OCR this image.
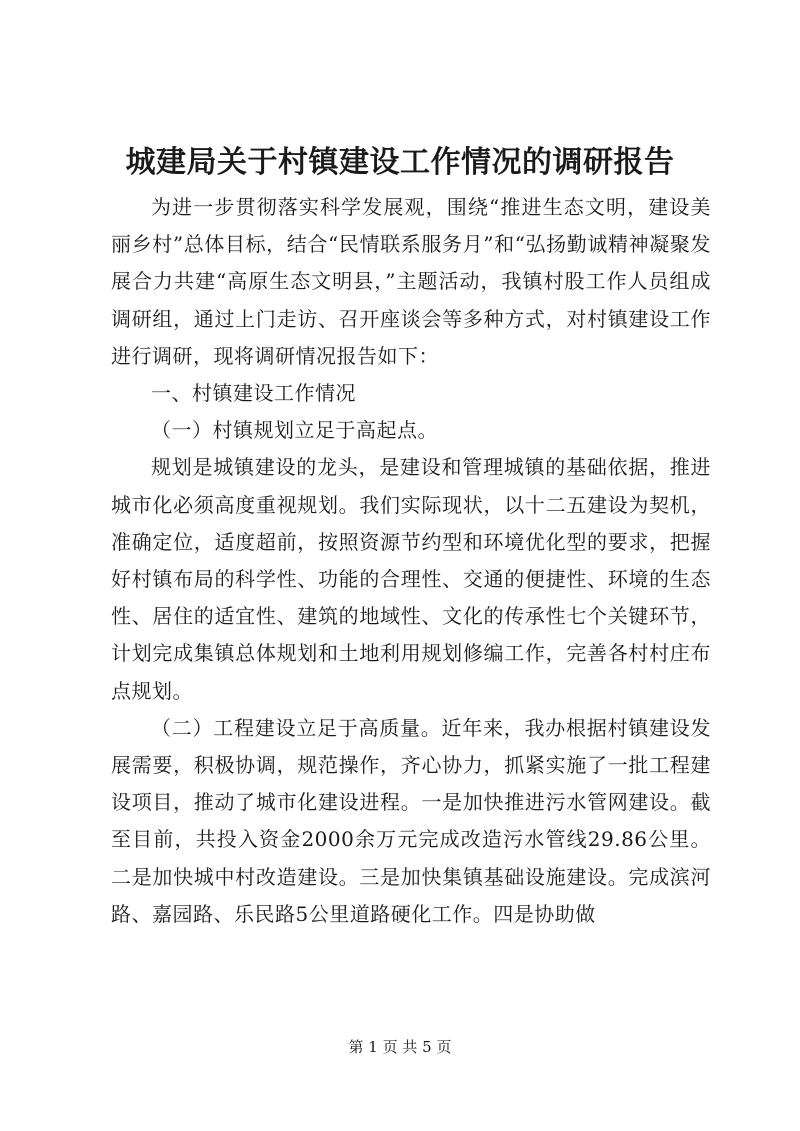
城建局关于村镇建设工作情况的调研报告

为进一步贯彻落实科学发展观，围绕“推进生态文明，建设美丽乡村”总体目标，结合“民情联系服务月”和“弘扬勤诚精神凝聚发展合力共建“高原生态文明县，”主题活动，我镇村股工作人员组成调研组，通过上门走访、召开座谈会等多种方式，对村镇建设工作进行调研，现将调研情况报告如下：

一、村镇建设工作情况

（一）村镇规划立足于高起点。

规划是城镇建设的龙头，是建设和管理城镇的基础依据，推进城市化必须高度重视规划。我们实际现状，以十二五建设为契机，准确定位，适度超前，按照资源节约型和环境优化型的要求，把握好村镇布局的科学性、功能的合理性、交通的便捷性、环境的生态性、居住的适宜性、建筑的地域性、文化的传承性七个关键环节，计划完成集镇总体规划和土地利用规划修编工作，完善各村村庄布点规划。

（二）工程建设立足于高质量。近年来，我办根据村镇建设发展需要，积极协调，规范操作，齐心协力，抓紧实施了一批工程建设项目，推动了城市化建设进程。一是加快推进污水管网建设。截至目前，共投入资金2000余万元完成改造污水管线29.86公里。二是加快城中村改造建设。三是加快集镇基础设施建设。完成滨河路、嘉园路、乐民路5公里道路硬化工作。四是协助做

第 1 页 共 5 页
